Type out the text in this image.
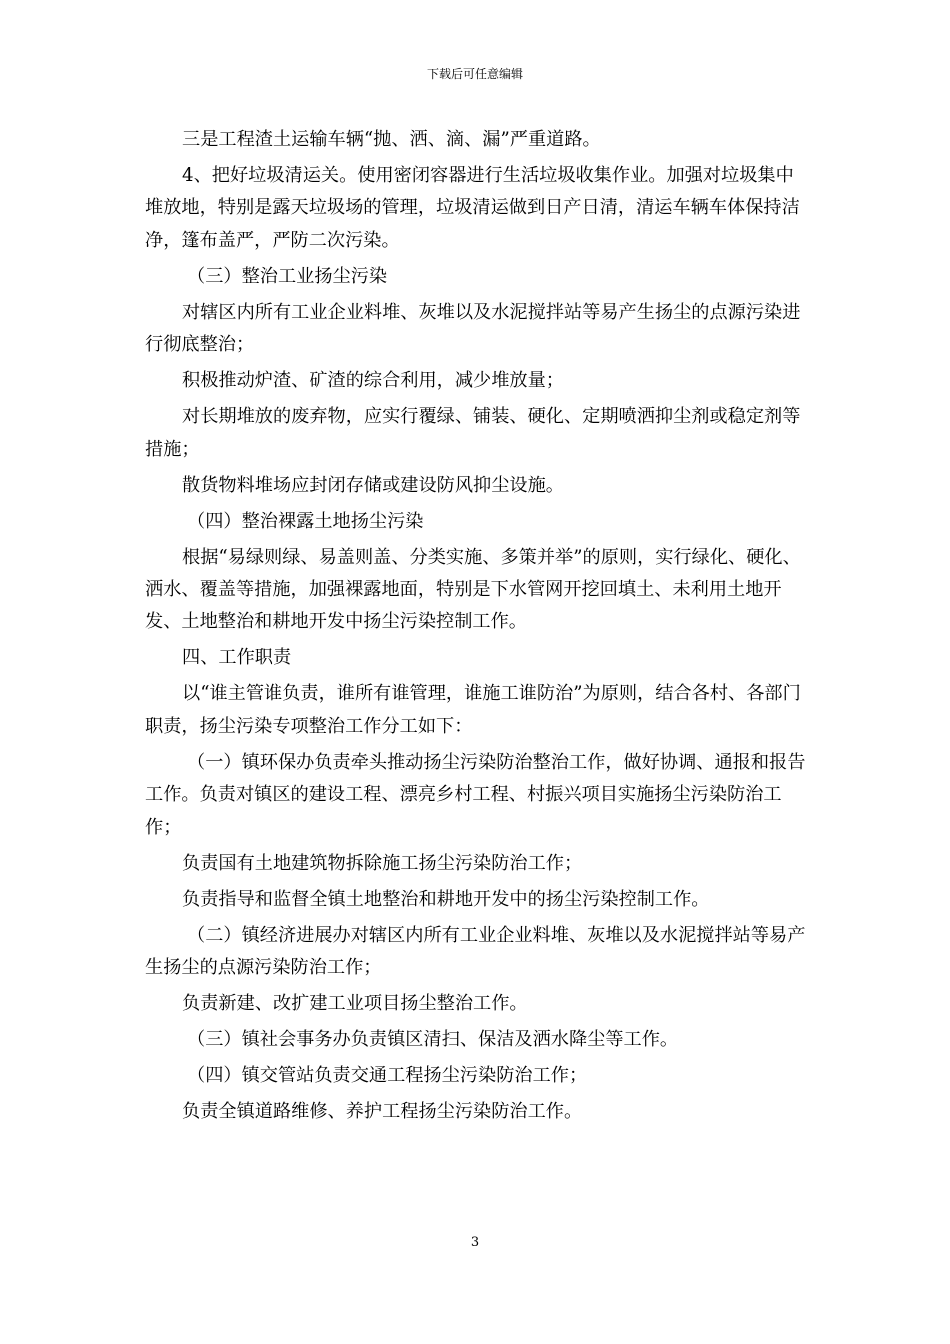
下载后可任意编辑

三是工程渣土运输车辆“抛、洒、滴、漏”严重道路。

4、把好垃圾清运关。使用密闭容器进行生活垃圾收集作业。加强对垃圾集中堆放地，特别是露天垃圾场的管理，垃圾清运做到日产日清，清运车辆车体保持洁净，篷布盖严，严防二次污染。

（三）整治工业扬尘污染

对辖区内所有工业企业料堆、灰堆以及水泥搅拌站等易产生扬尘的点源污染进行彻底整治；

积极推动炉渣、矿渣的综合利用，减少堆放量；

对长期堆放的废弃物，应实行覆绿、铺装、硬化、定期喷洒抑尘剂或稳定剂等措施；

散货物料堆场应封闭存储或建设防风抑尘设施。

（四）整治裸露土地扬尘污染

根据“易绿则绿、易盖则盖、分类实施、多策并举”的原则，实行绿化、硬化、洒水、覆盖等措施，加强裸露地面，特别是下水管网开挖回填土、未利用土地开发、土地整治和耕地开发中扬尘污染控制工作。

四、工作职责

以“谁主管谁负责，谁所有谁管理，谁施工谁防治”为原则，结合各村、各部门职责，扬尘污染专项整治工作分工如下：

（一）镇环保办负责牵头推动扬尘污染防治整治工作，做好协调、通报和报告工作。负责对镇区的建设工程、漂亮乡村工程、村振兴项目实施扬尘污染防治工作；

负责国有土地建筑物拆除施工扬尘污染防治工作；

负责指导和监督全镇土地整治和耕地开发中的扬尘污染控制工作。

（二）镇经济进展办对辖区内所有工业企业料堆、灰堆以及水泥搅拌站等易产生扬尘的点源污染防治工作；

负责新建、改扩建工业项目扬尘整治工作。

（三）镇社会事务办负责镇区清扫、保洁及洒水降尘等工作。

（四）镇交管站负责交通工程扬尘污染防治工作；

负责全镇道路维修、养护工程扬尘污染防治工作。

3
